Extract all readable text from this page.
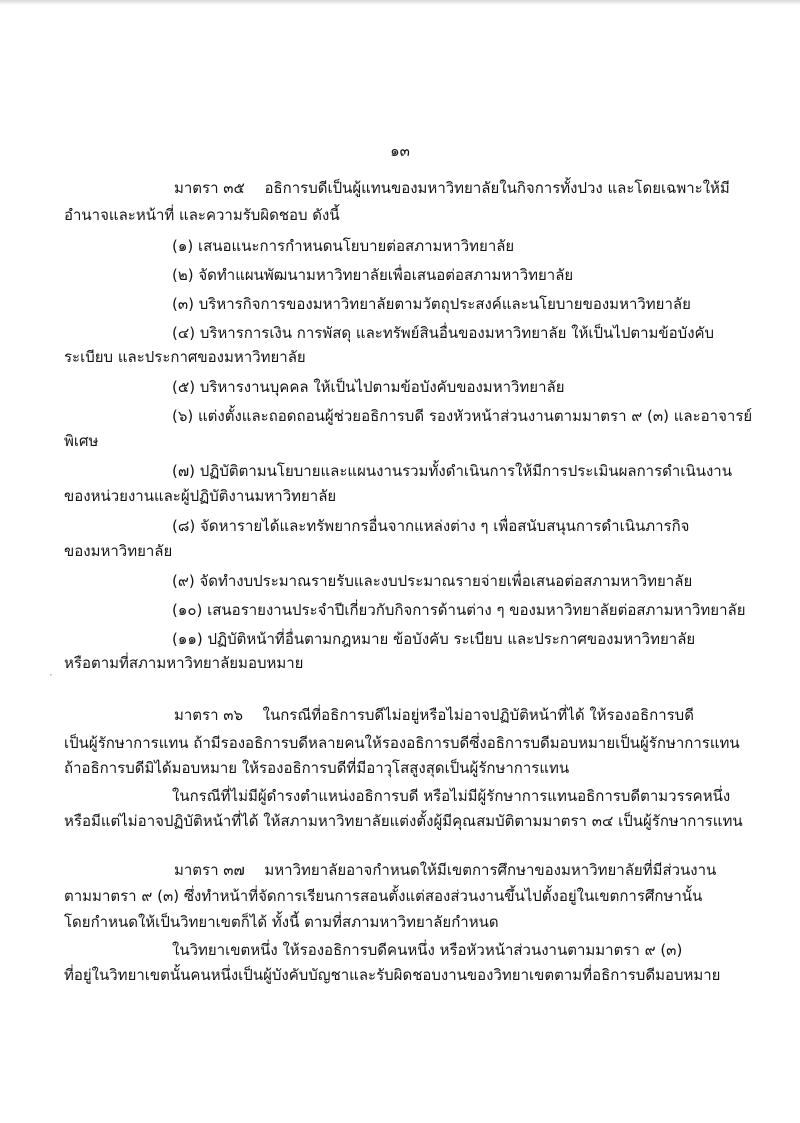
๑๓
มาตรา ๓๕ อธิการบดีเป็นผู้แทนของมหาวิทยาลัยในกิจการทั้งปวง และโดยเฉพาะให้มี
อำนาจและหน้าที่ และความรับผิดชอบ ดังนี้
(๑) เสนอแนะการกำหนดนโยบายต่อสภามหาวิทยาลัย
(๒) จัดทำแผนพัฒนามหาวิทยาลัยเพื่อเสนอต่อสภามหาวิทยาลัย
(๓) บริหารกิจการของมหาวิทยาลัยตามวัตถุประสงค์และนโยบายของมหาวิทยาลัย
(๔) บริหารการเงิน การพัสดุ และทรัพย์สินอื่นของมหาวิทยาลัย ให้เป็นไปตามข้อบังคับ
ระเบียบ และประกาศของมหาวิทยาลัย
(๕) บริหารงานบุคคล ให้เป็นไปตามข้อบังคับของมหาวิทยาลัย
(๖) แต่งตั้งและถอดถอนผู้ช่วยอธิการบดี รองหัวหน้าส่วนงานตามมาตรา ๙ (๓) และอาจารย์
พิเศษ
(๗) ปฏิบัติตามนโยบายและแผนงานรวมทั้งดำเนินการให้มีการประเมินผลการดำเนินงาน
ของหน่วยงานและผู้ปฏิบัติงานมหาวิทยาลัย
(๘) จัดหารายได้และทรัพยากรอื่นจากแหล่งต่าง ๆ เพื่อสนับสนุนการดำเนินภารกิจ
ของมหาวิทยาลัย
(๙) จัดทำงบประมาณรายรับและงบประมาณรายจ่ายเพื่อเสนอต่อสภามหาวิทยาลัย
(๑๐) เสนอรายงานประจำปีเกี่ยวกับกิจการด้านต่าง ๆ ของมหาวิทยาลัยต่อสภามหาวิทยาลัย
(๑๑) ปฏิบัติหน้าที่อื่นตามกฎหมาย ข้อบังคับ ระเบียบ และประกาศของมหาวิทยาลัย
หรือตามที่สภามหาวิทยาลัยมอบหมาย
มาตรา ๓๖ ในกรณีที่อธิการบดีไม่อยู่หรือไม่อาจปฏิบัติหน้าที่ได้ ให้รองอธิการบดี
เป็นผู้รักษาการแทน ถ้ามีรองอธิการบดีหลายคนให้รองอธิการบดีซึ่งอธิการบดีมอบหมายเป็นผู้รักษาการแทน
ถ้าอธิการบดีมิได้มอบหมาย ให้รองอธิการบดีที่มีอาวุโสสูงสุดเป็นผู้รักษาการแทน
ในกรณีที่ไม่มีผู้ดำรงตำแหน่งอธิการบดี หรือไม่มีผู้รักษาการแทนอธิการบดีตามวรรคหนึ่ง
หรือมีแต่ไม่อาจปฏิบัติหน้าที่ได้ ให้สภามหาวิทยาลัยแต่งตั้งผู้มีคุณสมบัติตามมาตรา ๓๔ เป็นผู้รักษาการแทน
มาตรา ๓๗ มหาวิทยาลัยอาจกำหนดให้มีเขตการศึกษาของมหาวิทยาลัยที่มีส่วนงาน
ตามมาตรา ๙ (๓) ซึ่งทำหน้าที่จัดการเรียนการสอนตั้งแต่สองส่วนงานขึ้นไปตั้งอยู่ในเขตการศึกษานั้น
โดยกำหนดให้เป็นวิทยาเขตก็ได้ ทั้งนี้ ตามที่สภามหาวิทยาลัยกำหนด
ในวิทยาเขตหนึ่ง ให้รองอธิการบดีคนหนึ่ง หรือหัวหน้าส่วนงานตามมาตรา ๙ (๓)
ที่อยู่ในวิทยาเขตนั้นคนหนึ่งเป็นผู้บังคับบัญชาและรับผิดชอบงานของวิทยาเขตตามที่อธิการบดีมอบหมาย
